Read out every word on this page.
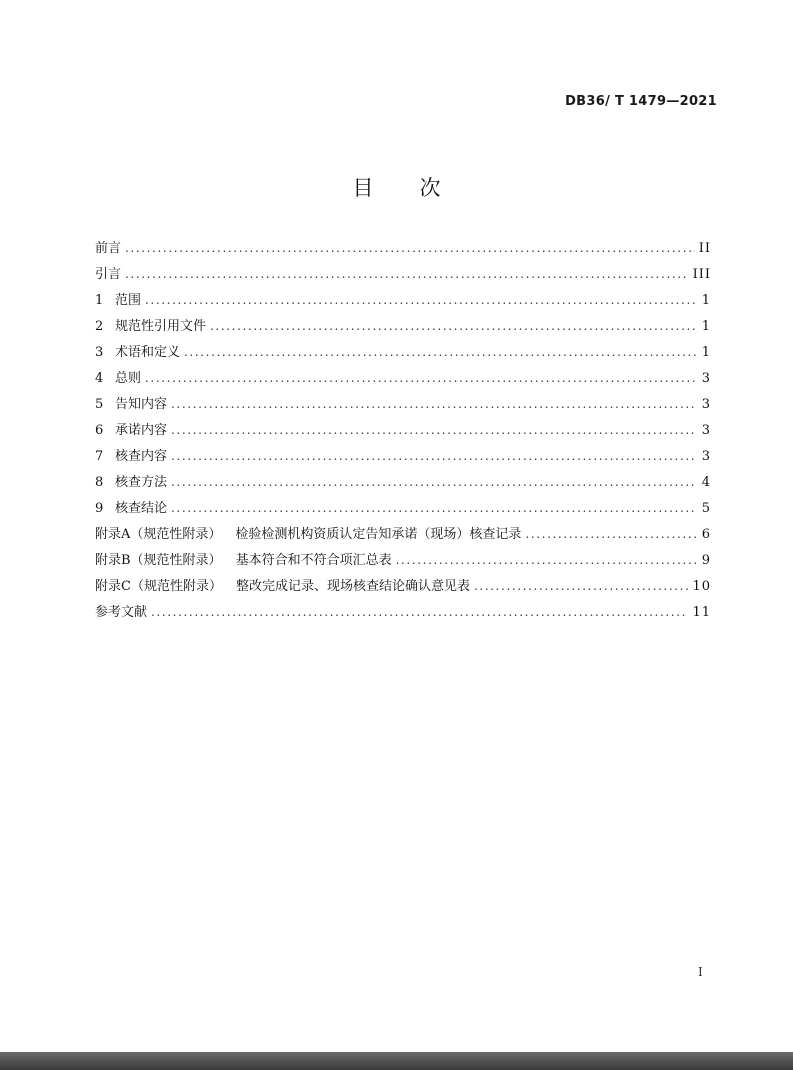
DB36/ T 1479—2021
目次
前言 .....	II
引言 .....	III
1 范围 .....	1
2 规范性引用文件 .....	1
3 术语和定义 .....	1
4 总则 .....	3
5 告知内容 .....	3
6 承诺内容 .....	3
7 核查内容 .....	3
8 核查方法 .....	4
9 核查结论 .....	5
附录A（规范性附录） 检验检测机构资质认定告知承诺（现场）核查记录 .....	6
附录B（规范性附录） 基本符合和不符合项汇总表 .....	9
附录C（规范性附录） 整改完成记录、现场核查结论确认意见表 .....	10
参考文献 .....	11
I
